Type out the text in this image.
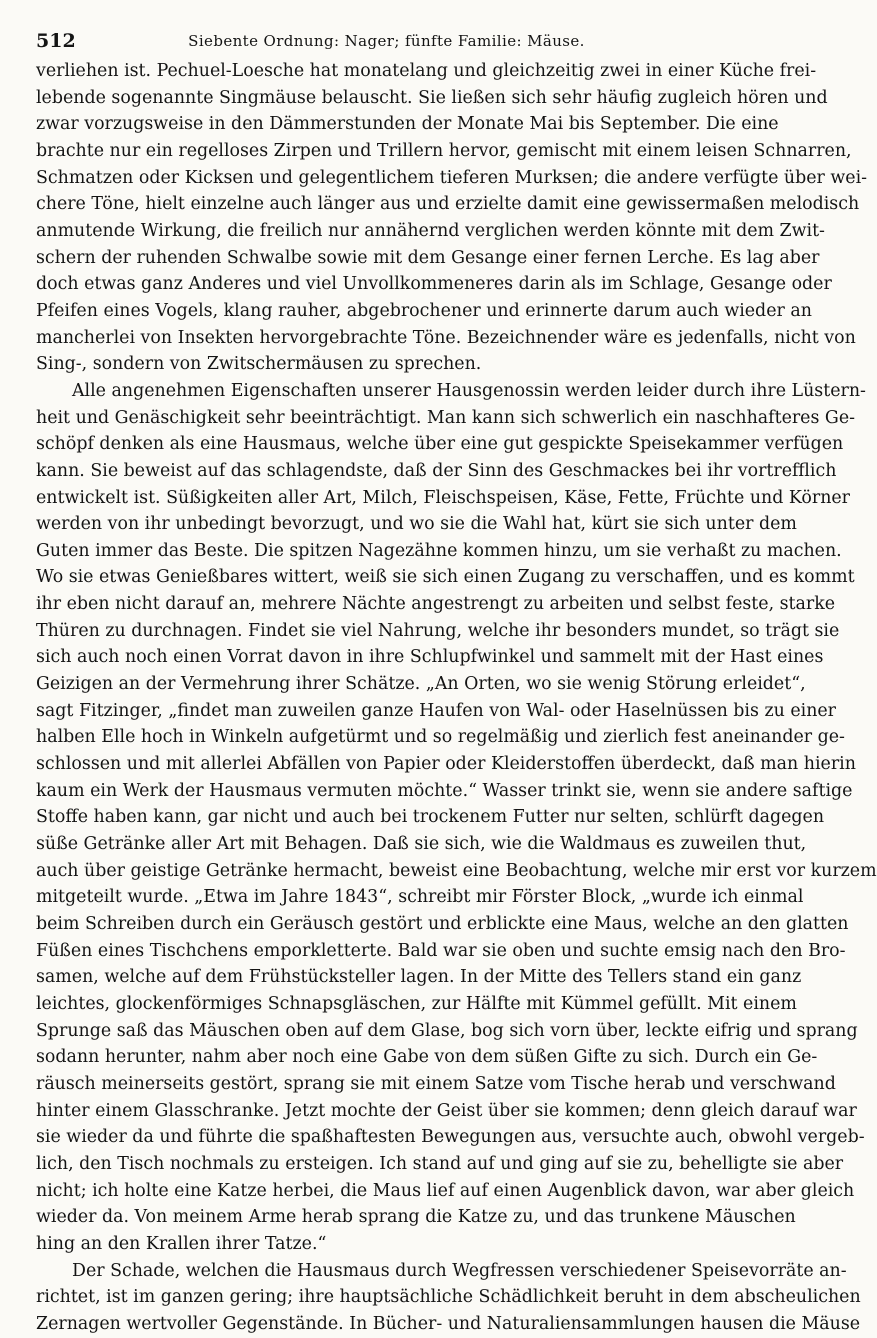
512	Siebente Ordnung: Nager; fünfte Familie: Mäuse.
verliehen ist. Pechuel-Loesche hat monatelang und gleichzeitig zwei in einer Küche frei-
lebende sogenannte Singmäuse belauscht. Sie ließen sich sehr häufig zugleich hören und
zwar vorzugsweise in den Dämmerstunden der Monate Mai bis September. Die eine
brachte nur ein regelloses Zirpen und Trillern hervor, gemischt mit einem leisen Schnarren,
Schmatzen oder Kicksen und gelegentlichem tieferen Murksen; die andere verfügte über wei-
chere Töne, hielt einzelne auch länger aus und erzielte damit eine gewissermaßen melodisch
anmutende Wirkung, die freilich nur annähernd verglichen werden könnte mit dem Zwit-
schern der ruhenden Schwalbe sowie mit dem Gesange einer fernen Lerche. Es lag aber
doch etwas ganz Anderes und viel Unvollkommeneres darin als im Schlage, Gesange oder
Pfeifen eines Vogels, klang rauher, abgebrochener und erinnerte darum auch wieder an
mancherlei von Insekten hervorgebrachte Töne. Bezeichnender wäre es jedenfalls, nicht von
Sing-, sondern von Zwitschermäusen zu sprechen.
Alle angenehmen Eigenschaften unserer Hausgenossin werden leider durch ihre Lüstern-
heit und Genäschigkeit sehr beeinträchtigt. Man kann sich schwerlich ein naschhafteres Ge-
schöpf denken als eine Hausmaus, welche über eine gut gespickte Speisekammer verfügen
kann. Sie beweist auf das schlagendste, daß der Sinn des Geschmackes bei ihr vortrefflich
entwickelt ist. Süßigkeiten aller Art, Milch, Fleischspeisen, Käse, Fette, Früchte und Körner
werden von ihr unbedingt bevorzugt, und wo sie die Wahl hat, kürt sie sich unter dem
Guten immer das Beste. Die spitzen Nagezähne kommen hinzu, um sie verhaßt zu machen.
Wo sie etwas Genießbares wittert, weiß sie sich einen Zugang zu verschaffen, und es kommt
ihr eben nicht darauf an, mehrere Nächte angestrengt zu arbeiten und selbst feste, starke
Thüren zu durchnagen. Findet sie viel Nahrung, welche ihr besonders mundet, so trägt sie
sich auch noch einen Vorrat davon in ihre Schlupfwinkel und sammelt mit der Hast eines
Geizigen an der Vermehrung ihrer Schätze. „An Orten, wo sie wenig Störung erleidet“,
sagt Fitzinger, „findet man zuweilen ganze Haufen von Wal- oder Haselnüssen bis zu einer
halben Elle hoch in Winkeln aufgetürmt und so regelmäßig und zierlich fest aneinander ge-
schlossen und mit allerlei Abfällen von Papier oder Kleiderstoffen überdeckt, daß man hierin
kaum ein Werk der Hausmaus vermuten möchte.“ Wasser trinkt sie, wenn sie andere saftige
Stoffe haben kann, gar nicht und auch bei trockenem Futter nur selten, schlürft dagegen
süße Getränke aller Art mit Behagen. Daß sie sich, wie die Waldmaus es zuweilen thut,
auch über geistige Getränke hermacht, beweist eine Beobachtung, welche mir erst vor kurzem
mitgeteilt wurde. „Etwa im Jahre 1843“, schreibt mir Förster Block, „wurde ich einmal
beim Schreiben durch ein Geräusch gestört und erblickte eine Maus, welche an den glatten
Füßen eines Tischchens emporkletterte. Bald war sie oben und suchte emsig nach den Bro-
samen, welche auf dem Frühstücksteller lagen. In der Mitte des Tellers stand ein ganz
leichtes, glockenförmiges Schnapsgläschen, zur Hälfte mit Kümmel gefüllt. Mit einem
Sprunge saß das Mäuschen oben auf dem Glase, bog sich vorn über, leckte eifrig und sprang
sodann herunter, nahm aber noch eine Gabe von dem süßen Gifte zu sich. Durch ein Ge-
räusch meinerseits gestört, sprang sie mit einem Satze vom Tische herab und verschwand
hinter einem Glasschranke. Jetzt mochte der Geist über sie kommen; denn gleich darauf war
sie wieder da und führte die spaßhaftesten Bewegungen aus, versuchte auch, obwohl vergeb-
lich, den Tisch nochmals zu ersteigen. Ich stand auf und ging auf sie zu, behelligte sie aber
nicht; ich holte eine Katze herbei, die Maus lief auf einen Augenblick davon, war aber gleich
wieder da. Von meinem Arme herab sprang die Katze zu, und das trunkene Mäuschen
hing an den Krallen ihrer Tatze.“
Der Schade, welchen die Hausmaus durch Wegfressen verschiedener Speisevorräte an-
richtet, ist im ganzen gering; ihre hauptsächliche Schädlichkeit beruht in dem abscheulichen
Zernagen wertvoller Gegenstände. In Bücher- und Naturaliensammlungen hausen die Mäuse
